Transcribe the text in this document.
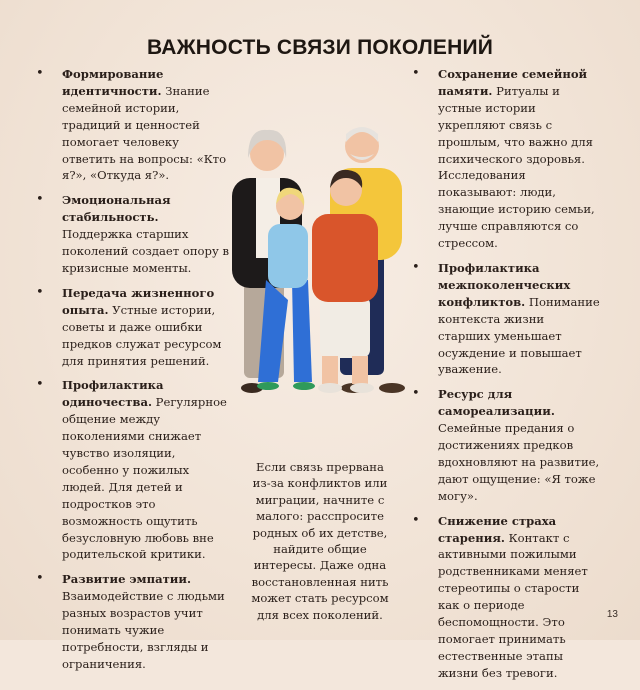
ВАЖНОСТЬ СВЯЗИ ПОКОЛЕНИЙ
• Формирование идентичности. Знание семейной истории, традиций и ценностей помогает человеку ответить на вопросы: «Кто я?», «Откуда я?».

• Эмоциональная стабильность. Поддержка старших поколений создает опору в кризисные моменты.

• Передача жизненного опыта. Устные истории, советы и даже ошибки предков служат ресурсом для принятия решений.

• Профилактика одиночества. Регулярное общение между поколениями снижает чувство изоляции, особенно у пожилых людей. Для детей и подростков это возможность ощутить безусловную любовь вне родительской критики.

• Развитие эмпатии. Взаимодействие с людьми разных возрастов учит понимать чужие потребности, взгляды и ограничения.

• Сохранение семейной памяти. Ритуалы и устные истории укрепляют связь с прошлым, что важно для психического здоровья. Исследования показывают: люди, знающие историю семьи, лучше справляются со стрессом.

• Профилактика межпоколенческих конфликтов. Понимание контекста жизни старших уменьшает осуждение и повышает уважение.

• Ресурс для самореализации. Семейные предания о достижениях предков вдохновляют на развитие, дают ощущение: «Я тоже могу».

• Снижение страха старения. Контакт с активными пожилыми родственниками меняет стереотипы о старости как о периоде беспомощности. Это помогает принимать естественные этапы жизни без тревоги.

Если связь прервана из-за конфликтов или миграции, начните с малого: расспросите родных об их детстве, найдите общие интересы. Даже одна восстановленная нить может стать ресурсом для всех поколений.	13
